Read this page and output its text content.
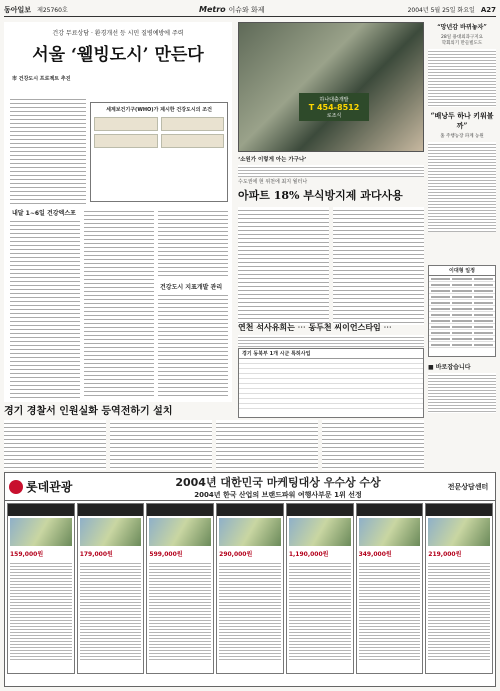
동아일보 제25760호	Metro 이슈와 화제	2004년 5월 25일 화요일 A27
건강 무료상담 · 환경개선 등 시민 질병예방에 주력
서울 ‘웰빙도시’ 만든다
市 건강도시 프로젝트 추진
세계보건기구(WHO)가 제시한 건강도시의 조건
내달 1∼6일 건강엑스포
건강도시 지표개발 관리
하나대출개발
T 454-8512
로조식
‘소원가 이렇게 아는 가구나’
수도권에 현 위천에 최지 월터나
아파트 18% 부식방지제 과다사용
연천 석사유희는 ⋯ 동두천 씨이언스타임 ⋯
경기 동북부 1개 시군 특허사업
“망년감 바뀌놓자”
28일 용대외과구지요
학회의기 만들빌도도
“배낭두 하나 키워볼까”
홈 주행농장 파계 농원
이대형 일정
■ 바로잡습니다
경기 경찰서 인원실화 등역전하기 설치
롯데관광	2004년 대한민국 마케팅대상 우수상 수상
2004년 한국 산업의 브랜드파워 여행사부문 1위 선정
전문상담센터
159,000원	179,000원	599,000원	290,000원	1,190,000원	349,000원	219,000원
